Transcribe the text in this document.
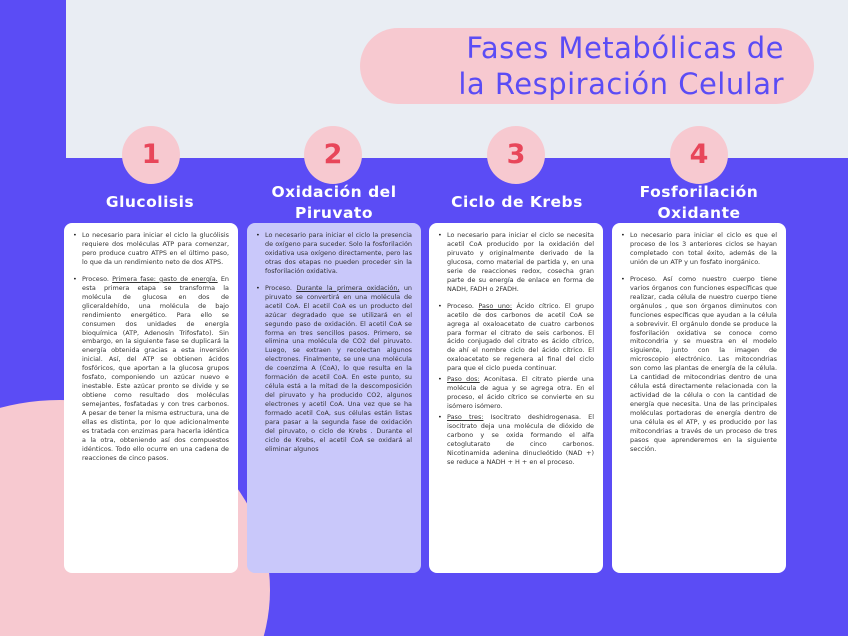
Fases Metabólicas de
la Respiración Celular
1	2	3	4
Glucolisis
Oxidación del
Piruvato
Ciclo de Krebs
Fosforilación
Oxidante
• Lo necesario para iniciar el ciclo la glucólisis requiere dos moléculas ATP para comenzar, pero produce cuatro ATPS en el último paso, lo que da un rendimiento neto de dos ATPS.
• Proceso. Primera fase: gasto de energía. En esta primera etapa se transforma la molécula de glucosa en dos de gliceraldehído, una molécula de bajo rendimiento energético. Para ello se consumen dos unidades de energía bioquímica (ATP, Adenosín Trifosfato). Sin embargo, en la siguiente fase se duplicará la energía obtenida gracias a esta inversión inicial. Así, del ATP se obtienen ácidos fosfóricos, que aportan a la glucosa grupos fosfato, componiendo un azúcar nuevo e inestable. Este azúcar pronto se divide y se obtiene como resultado dos moléculas semejantes, fosfatadas y con tres carbonos. A pesar de tener la misma estructura, una de ellas es distinta, por lo que adicionalmente es tratada con enzimas para hacerla idéntica a la otra, obteniendo así dos compuestos idénticos. Todo ello ocurre en una cadena de reacciones de cinco pasos.
• Lo necesario para iniciar el ciclo la presencia de oxígeno para suceder. Solo la fosforilación oxidativa usa oxígeno directamente, pero las otras dos etapas no pueden proceder sin la fosforilación oxidativa.
• Proceso. Durante la primera oxidación, un piruvato se convertirá en una molécula de acetil CoA. El acetil CoA es un producto del azúcar degradado que se utilizará en el segundo paso de oxidación. El acetil CoA se forma en tres sencillos pasos. Primero, se elimina una molécula de CO2 del piruvato. Luego, se extraen y recolectan algunos electrones. Finalmente, se une una molécula de coenzima A (CoA), lo que resulta en la formación de acetil CoA. En este punto, su célula está a la mitad de la descomposición del piruvato y ha producido CO2, algunos electrones y acetil CoA. Una vez que se ha formado acetil CoA, sus células están listas para pasar a la segunda fase de oxidación del piruvato, o ciclo de Krebs . Durante el ciclo de Krebs, el acetil CoA se oxidará al eliminar algunos
• Lo necesario para iniciar el ciclo se necesita acetil CoA producido por la oxidación del piruvato y originalmente derivado de la glucosa, como material de partida y, en una serie de reacciones redox, cosecha gran parte de su energía de enlace en forma de NADH, FADH o 2FADH.
• Proceso. Paso uno: Ácido cítrico. El grupo acetilo de dos carbonos de acetil CoA se agrega al oxaloacetato de cuatro carbonos para formar el citrato de seis carbonos. El ácido conjugado del citrato es ácido cítrico, de ahí el nombre ciclo del ácido cítrico. El oxaloacetato se regenera al final del ciclo para que el ciclo pueda continuar.
• Paso dos: Aconitasa. El citrato pierde una molécula de agua y se agrega otra. En el proceso, el ácido cítrico se convierte en su isómero isómero.
• Paso tres: Isocitrato deshidrogenasa. El isocitrato deja una molécula de dióxido de carbono y se oxida formando el alfa cetoglutarato de cinco carbonos. Nicotinamida adenina dinucleótido (NAD +) se reduce a NADH + H + en el proceso.
• Lo necesario para iniciar el ciclo es que el proceso de los 3 anteriores ciclos se hayan completado con total éxito, además de la unión de un ATP y un fosfato inorgánico.
• Proceso. Así como nuestro cuerpo tiene varios órganos con funciones específicas que realizar, cada célula de nuestro cuerpo tiene orgánulos , que son órganos diminutos con funciones específicas que ayudan a la célula a sobrevivir. El orgánulo donde se produce la fosforilación oxidativa se conoce como mitocondria y se muestra en el modelo siguiente, junto con la imagen de microscopio electrónico. Las mitocondrias son como las plantas de energía de la célula. La cantidad de mitocondrias dentro de una célula está directamente relacionada con la actividad de la célula o con la cantidad de energía que necesita. Una de las principales moléculas portadoras de energía dentro de una célula es el ATP, y es producido por las mitocondrias a través de un proceso de tres pasos que aprenderemos en la siguiente sección.
